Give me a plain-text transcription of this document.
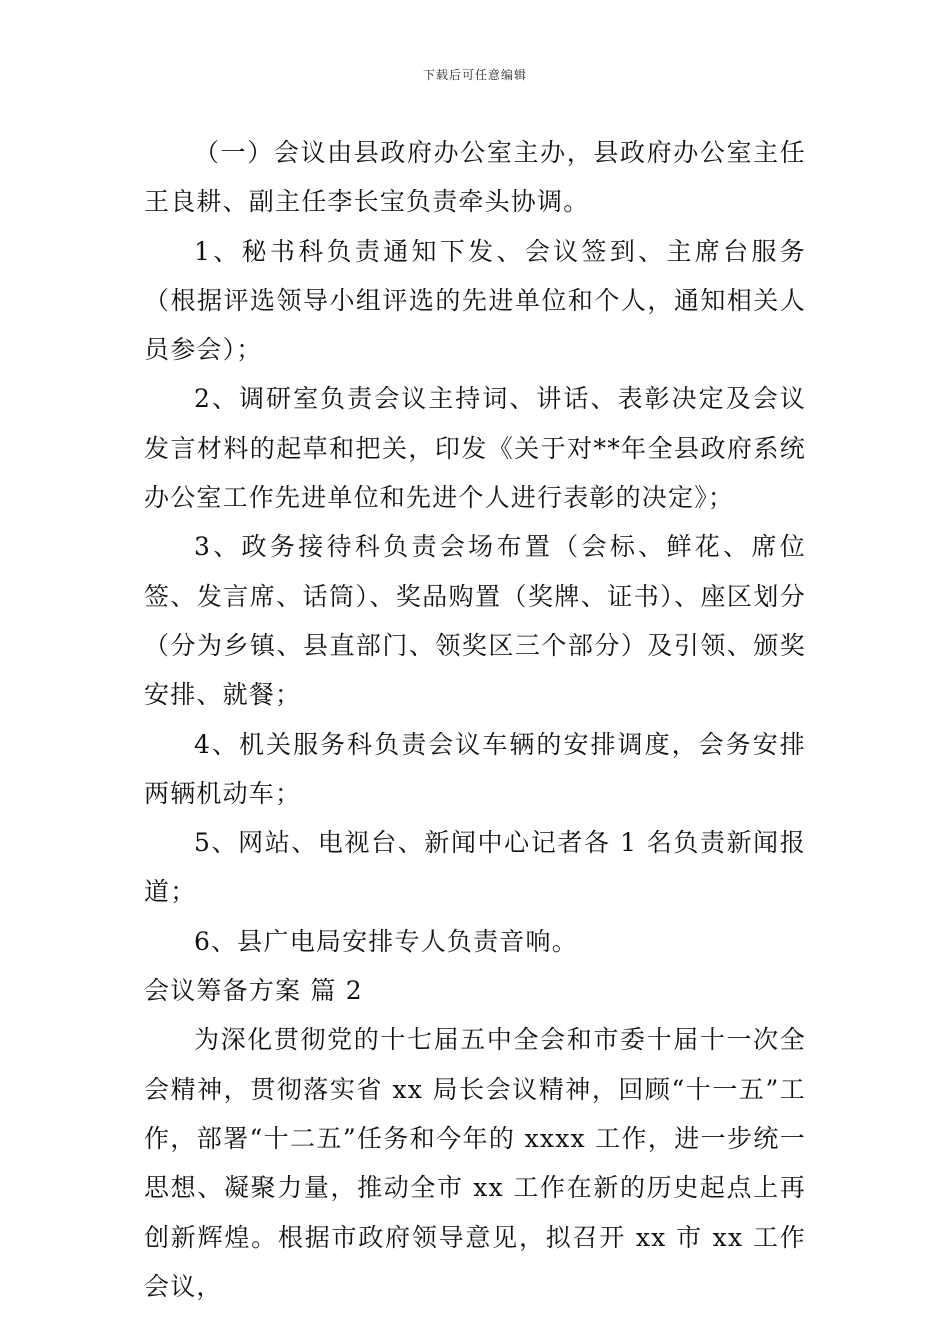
下载后可任意编辑

（一）会议由县政府办公室主办，县政府办公室主任王良耕、副主任李长宝负责牵头协调。

1、秘书科负责通知下发、会议签到、主席台服务（根据评选领导小组评选的先进单位和个人，通知相关人员参会）；

2、调研室负责会议主持词、讲话、表彰决定及会议发言材料的起草和把关，印发《关于对**年全县政府系统办公室工作先进单位和先进个人进行表彰的决定》；

3、政务接待科负责会场布置（会标、鲜花、席位签、发言席、话筒）、奖品购置（奖牌、证书）、座区划分（分为乡镇、县直部门、领奖区三个部分）及引领、颁奖安排、就餐；

4、机关服务科负责会议车辆的安排调度，会务安排两辆机动车；

5、网站、电视台、新闻中心记者各 1 名负责新闻报道；

6、县广电局安排专人负责音响。

会议筹备方案 篇 2

为深化贯彻党的十七届五中全会和市委十届十一次全会精神，贯彻落实省 xx 局长会议精神，回顾“十一五”工作，部署“十二五”任务和今年的 xxxx 工作，进一步统一思想、凝聚力量，推动全市 xx 工作在新的历史起点上再创新辉煌。根据市政府领导意见，拟召开 xx 市 xx 工作会议，
